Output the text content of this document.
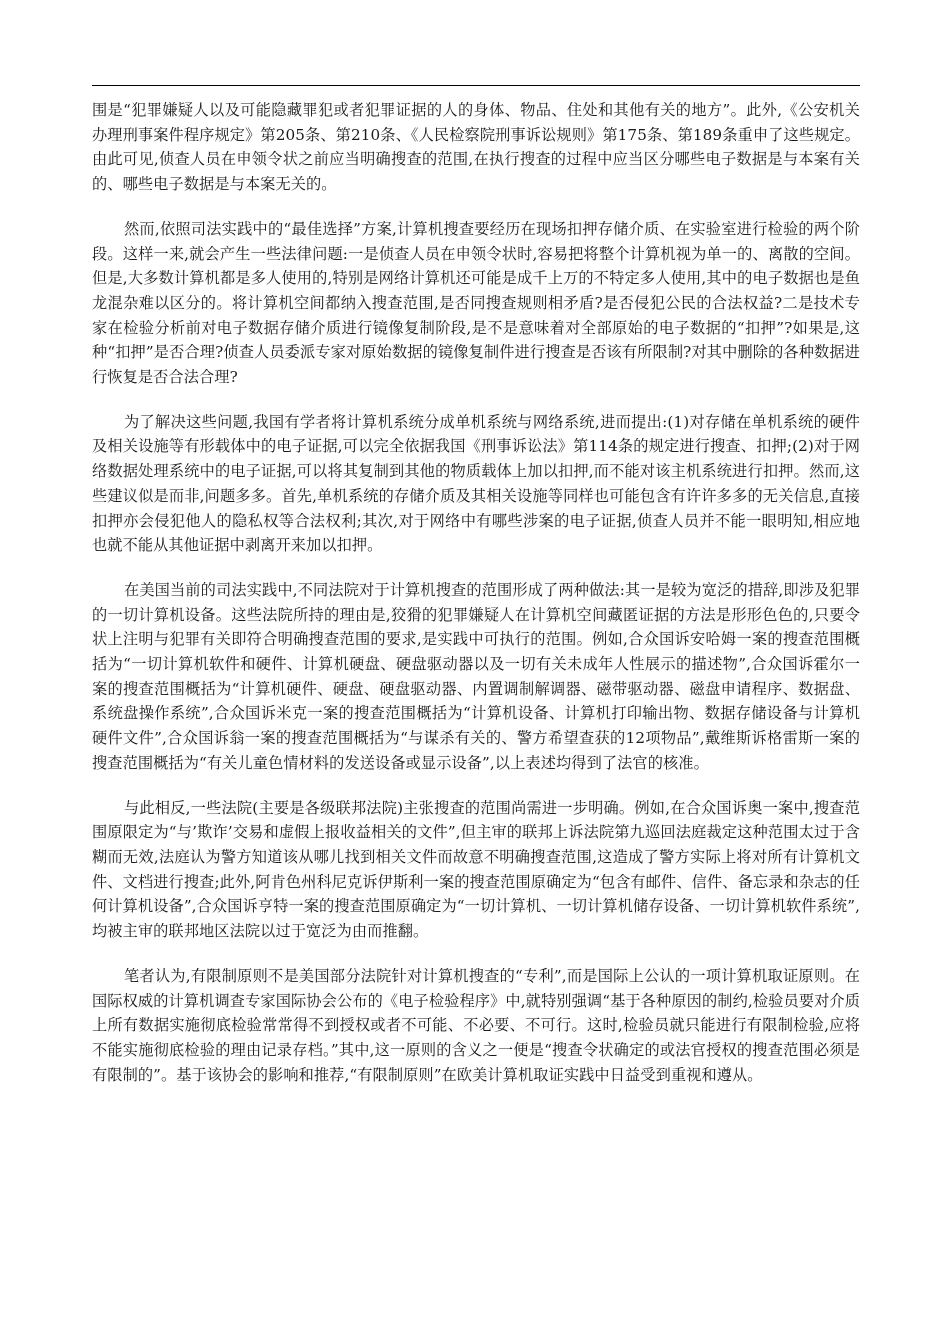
围是“犯罪嫌疑人以及可能隐藏罪犯或者犯罪证据的人的身体、物品、住处和其他有关的地方”。此外,《公安机关办理刑事案件程序规定》第205条、第210条、《人民检察院刑事诉讼规则》第175条、第189条重申了这些规定。由此可见,侦查人员在申领令状之前应当明确搜查的范围,在执行搜查的过程中应当区分哪些电子数据是与本案有关的、哪些电子数据是与本案无关的。

然而,依照司法实践中的“最佳选择”方案,计算机搜查要经历在现场扣押存储介质、在实验室进行检验的两个阶段。这样一来,就会产生一些法律问题:一是侦查人员在申领令状时,容易把将整个计算机视为单一的、离散的空间。但是,大多数计算机都是多人使用的,特别是网络计算机还可能是成千上万的不特定多人使用,其中的电子数据也是鱼龙混杂难以区分的。将计算机空间都纳入搜查范围,是否同搜查规则相矛盾?是否侵犯公民的合法权益?二是技术专家在检验分析前对电子数据存储介质进行镜像复制阶段,是不是意味着对全部原始的电子数据的“扣押”?如果是,这种“扣押”是否合理?侦查人员委派专家对原始数据的镜像复制件进行搜查是否该有所限制?对其中删除的各种数据进行恢复是否合法合理?

为了解决这些问题,我国有学者将计算机系统分成单机系统与网络系统,进而提出:(1)对存储在单机系统的硬件及相关设施等有形载体中的电子证据,可以完全依据我国《刑事诉讼法》第114条的规定进行搜查、扣押;(2)对于网络数据处理系统中的电子证据,可以将其复制到其他的物质载体上加以扣押,而不能对该主机系统进行扣押。然而,这些建议似是而非,问题多多。首先,单机系统的存储介质及其相关设施等同样也可能包含有许许多多的无关信息,直接扣押亦会侵犯他人的隐私权等合法权利;其次,对于网络中有哪些涉案的电子证据,侦查人员并不能一眼明知,相应地也就不能从其他证据中剥离开来加以扣押。

在美国当前的司法实践中,不同法院对于计算机搜查的范围形成了两种做法:其一是较为宽泛的措辞,即涉及犯罪的一切计算机设备。这些法院所持的理由是,狡猾的犯罪嫌疑人在计算机空间藏匿证据的方法是形形色色的,只要令状上注明与犯罪有关即符合明确搜查范围的要求,是实践中可执行的范围。例如,合众国诉安哈姆一案的搜查范围概括为“一切计算机软件和硬件、计算机硬盘、硬盘驱动器以及一切有关未成年人性展示的描述物”,合众国诉霍尔一案的搜查范围概括为“计算机硬件、硬盘、硬盘驱动器、内置调制解调器、磁带驱动器、磁盘申请程序、数据盘、系统盘操作系统”,合众国诉米克一案的搜查范围概括为“计算机设备、计算机打印输出物、数据存储设备与计算机硬件文件”,合众国诉翁一案的搜查范围概括为“与谋杀有关的、警方希望查获的12项物品”,戴维斯诉格雷斯一案的搜查范围概括为“有关儿童色情材料的发送设备或显示设备”,以上表述均得到了法官的核准。

与此相反,一些法院(主要是各级联邦法院)主张搜查的范围尚需进一步明确。例如,在合众国诉奥一案中,搜查范围原限定为“与’欺诈’交易和虚假上报收益相关的文件”,但主审的联邦上诉法院第九巡回法庭裁定这种范围太过于含糊而无效,法庭认为警方知道该从哪儿找到相关文件而故意不明确搜查范围,这造成了警方实际上将对所有计算机文件、文档进行搜查;此外,阿肯色州科尼克诉伊斯利一案的搜查范围原确定为“包含有邮件、信件、备忘录和杂志的任何计算机设备”,合众国诉亨特一案的搜查范围原确定为“一切计算机、一切计算机储存设备、一切计算机软件系统”,均被主审的联邦地区法院以过于宽泛为由而推翻。

笔者认为,有限制原则不是美国部分法院针对计算机搜查的“专利”,而是国际上公认的一项计算机取证原则。在国际权威的计算机调查专家国际协会公布的《电子检验程序》中,就特别强调“基于各种原因的制约,检验员要对介质上所有数据实施彻底检验常常得不到授权或者不可能、不必要、不可行。这时,检验员就只能进行有限制检验,应将不能实施彻底检验的理由记录存档。”其中,这一原则的含义之一便是“搜查令状确定的或法官授权的搜查范围必须是有限制的”。基于该协会的影响和推荐,“有限制原则”在欧美计算机取证实践中日益受到重视和遵从。
